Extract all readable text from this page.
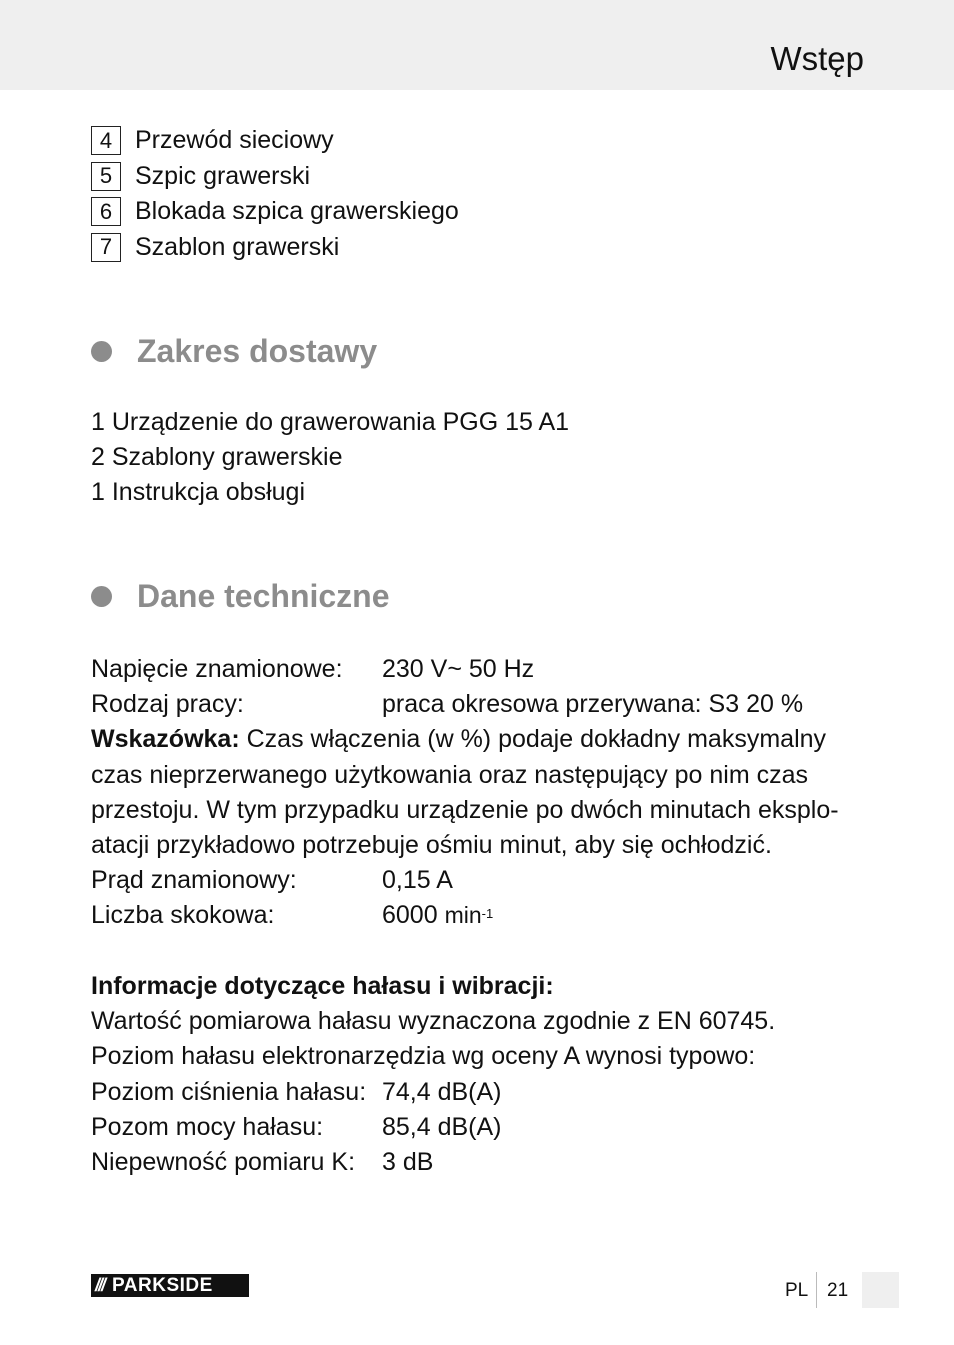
Wstęp
4 Przewód sieciowy
5 Szpic grawerski
6 Blokada szpica grawerskiego
7 Szablon grawerski
Zakres dostawy
1 Urządzenie do grawerowania PGG 15 A1
2 Szablony grawerskie
1 Instrukcja obsługi
Dane techniczne
Napięcie znamionowe:	230 V~ 50 Hz
Rodzaj pracy:	praca okresowa przerywana: S3 20 %
Wskazówka: Czas włączenia (w %) podaje dokładny maksymalny
czas nieprzerwanego użytkowania oraz następujący po nim czas
przestoju. W tym przypadku urządzenie po dwóch minutach eksplo-
atacji przykładowo potrzebuje ośmiu minut, aby się ochłodzić.
Prąd znamionowy:	0,15 A
Liczba skokowa:	6000 $\min^{-1}$
Informacje dotyczące hałasu i wibracji:
Wartość pomiarowa hałasu wyznaczona zgodnie z EN 60745.
Poziom hałasu elektronarzędzia wg oceny A wynosi typowo:
Poziom ciśnienia hałasu: 74,4 dB(A)
Pozom mocy hałasu:	85,4 dB(A)
Niepewność pomiaru K:	3 dB
/// PARKSIDE	PL 21
